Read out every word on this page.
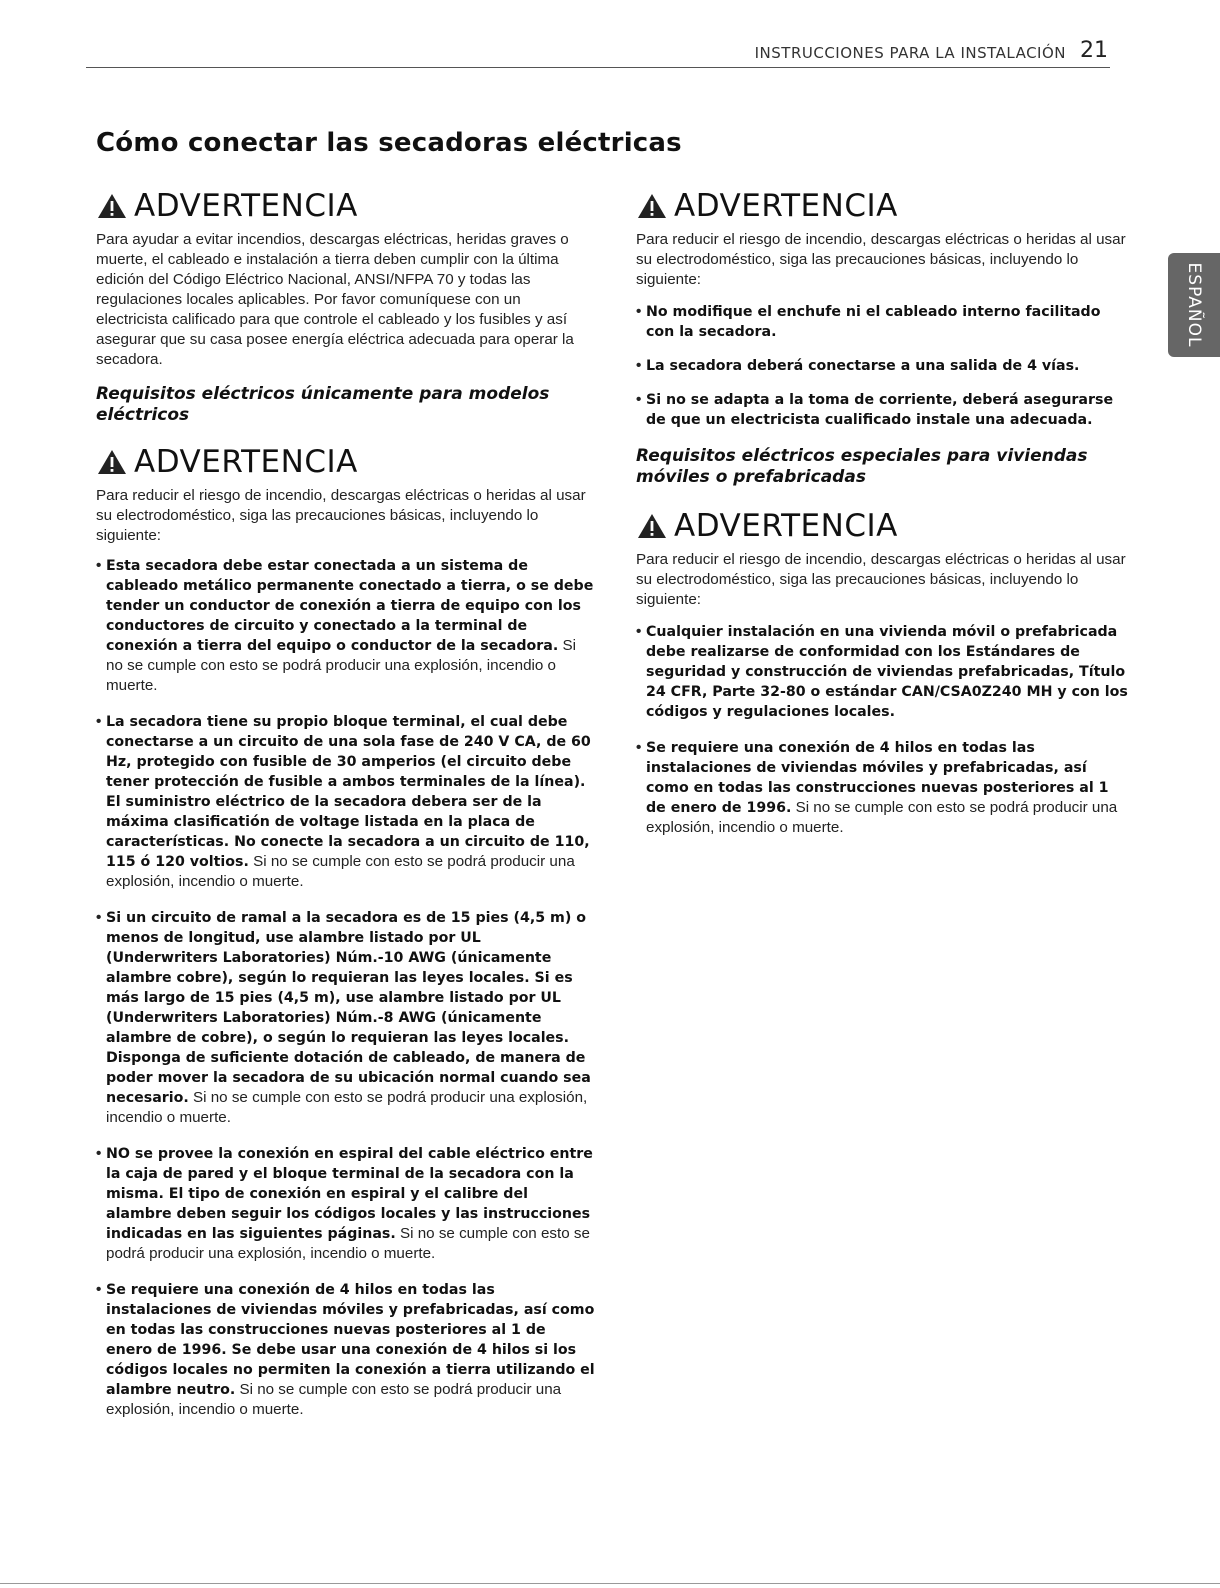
INSTRUCCIONES PARA LA INSTALACIÓN 21
Cómo conectar las secadoras eléctricas
ESPAÑOL
ADVERTENCIA

Para ayudar a evitar incendios, descargas eléctricas, heridas graves o muerte, el cableado e instalación a tierra deben cumplir con la última edición del Código Eléctrico Nacional, ANSI/NFPA 70 y todas las regulaciones locales aplicables. Por favor comuníquese con un electricista calificado para que controle el cableado y los fusibles y así asegurar que su casa posee energía eléctrica adecuada para operar la secadora.

Requisitos eléctricos únicamente para modelos eléctricos

ADVERTENCIA

Para reducir el riesgo de incendio, descargas eléctricas o heridas al usar su electrodoméstico, siga las precauciones básicas, incluyendo lo siguiente:

• Esta secadora debe estar conectada a un sistema de cableado metálico permanente conectado a tierra, o se debe tender un conductor de conexión a tierra de equipo con los conductores de circuito y conectado a la terminal de conexión a tierra del equipo o conductor de la secadora. Si no se cumple con esto se podrá producir una explosión, incendio o muerte.
• La secadora tiene su propio bloque terminal, el cual debe conectarse a un circuito de una sola fase de 240 V CA, de 60 Hz, protegido con fusible de 30 amperios (el circuito debe tener protección de fusible a ambos terminales de la línea). El suministro eléctrico de la secadora debera ser de la máxima clasificatión de voltage listada en la placa de características. No conecte la secadora a un circuito de 110, 115 ó 120 voltios. Si no se cumple con esto se podrá producir una explosión, incendio o muerte.
• Si un circuito de ramal a la secadora es de 15 pies (4,5 m) o menos de longitud, use alambre listado por UL (Underwriters Laboratories) Núm.-10 AWG (únicamente alambre cobre), según lo requieran las leyes locales. Si es más largo de 15 pies (4,5 m), use alambre listado por UL (Underwriters Laboratories) Núm.-8 AWG (únicamente alambre de cobre), o según lo requieran las leyes locales. Disponga de suficiente dotación de cableado, de manera de poder mover la secadora de su ubicación normal cuando sea necesario. Si no se cumple con esto se podrá producir una explosión, incendio o muerte.
• NO se provee la conexión en espiral del cable eléctrico entre la caja de pared y el bloque terminal de la secadora con la misma. El tipo de conexión en espiral y el calibre del alambre deben seguir los códigos locales y las instrucciones indicadas en las siguientes páginas. Si no se cumple con esto se podrá producir una explosión, incendio o muerte.
• Se requiere una conexión de 4 hilos en todas las instalaciones de viviendas móviles y prefabricadas, así como en todas las construcciones nuevas posteriores al 1 de enero de 1996. Se debe usar una conexión de 4 hilos si los códigos locales no permiten la conexión a tierra utilizando el alambre neutro. Si no se cumple con esto se podrá producir una explosión, incendio o muerte.
ADVERTENCIA

Para reducir el riesgo de incendio, descargas eléctricas o heridas al usar su electrodoméstico, siga las precauciones básicas, incluyendo lo siguiente:

• No modifique el enchufe ni el cableado interno facilitado con la secadora.
• La secadora deberá conectarse a una salida de 4 vías.
• Si no se adapta a la toma de corriente, deberá asegurarse de que un electricista cualificado instale una adecuada.

Requisitos eléctricos especiales para viviendas móviles o prefabricadas

ADVERTENCIA

Para reducir el riesgo de incendio, descargas eléctricas o heridas al usar su electrodoméstico, siga las precauciones básicas, incluyendo lo siguiente:

• Cualquier instalación en una vivienda móvil o prefabricada debe realizarse de conformidad con los Estándares de seguridad y construcción de viviendas prefabricadas, Título 24 CFR, Parte 32-80 o estándar CAN/CSA0Z240 MH y con los códigos y regulaciones locales.
• Se requiere una conexión de 4 hilos en todas las instalaciones de viviendas móviles y prefabricadas, así como en todas las construcciones nuevas posteriores al 1 de enero de 1996. Si no se cumple con esto se podrá producir una explosión, incendio o muerte.
